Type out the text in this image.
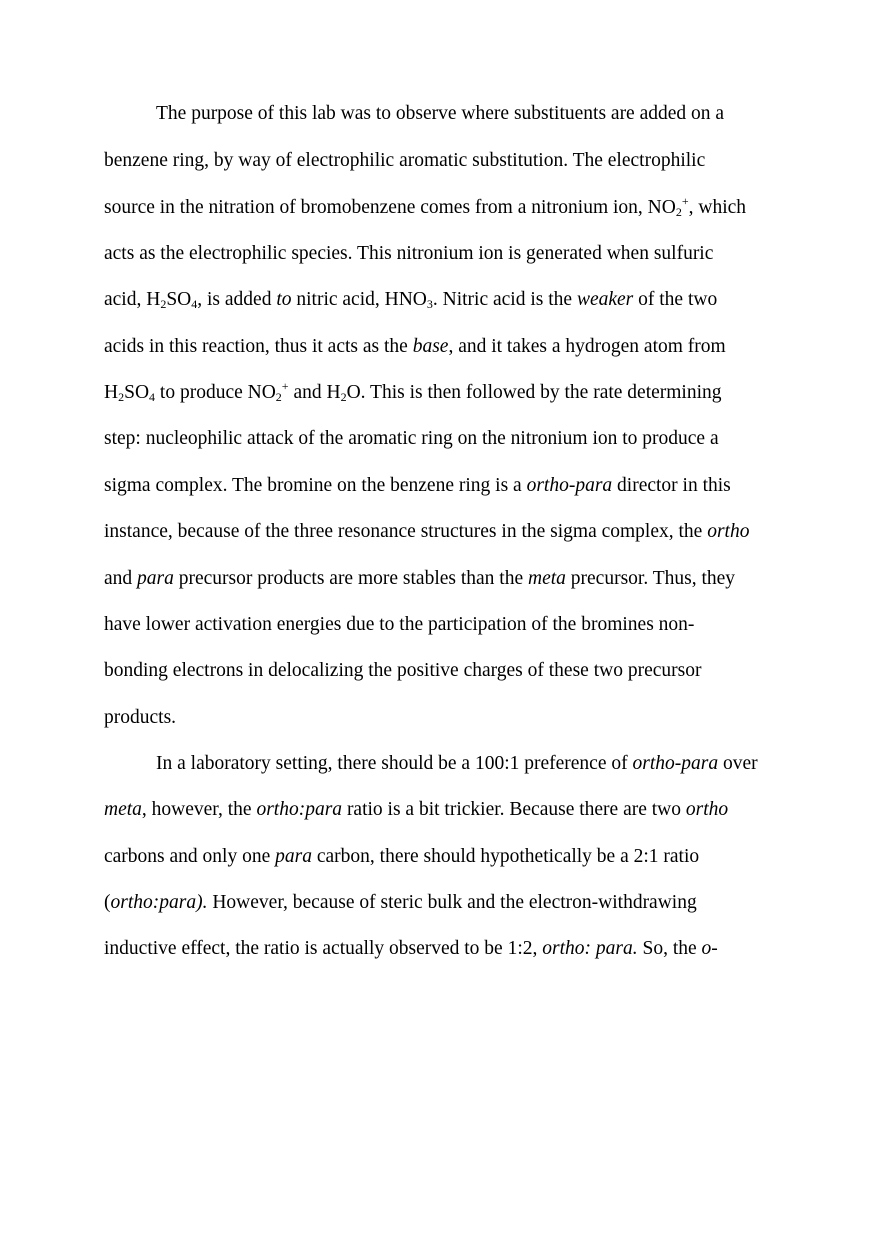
The purpose of this lab was to observe where substituents are added on a
benzene ring, by way of electrophilic aromatic substitution. The electrophilic
source in the nitration of bromobenzene comes from a nitronium ion, $NO_2^+$, which
acts as the electrophilic species. This nitronium ion is generated when sulfuric
acid, $H_2SO_4$, is added to nitric acid, $HNO_3$. Nitric acid is the weaker of the two
acids in this reaction, thus it acts as the base, and it takes a hydrogen atom from
$H_2SO_4$ to produce $NO_2^+$ and $H_2O$. This is then followed by the rate determining
step: nucleophilic attack of the aromatic ring on the nitronium ion to produce a
sigma complex. The bromine on the benzene ring is a ortho-para director in this
instance, because of the three resonance structures in the sigma complex, the ortho
and para precursor products are more stables than the meta precursor. Thus, they
have lower activation energies due to the participation of the bromines non-
bonding electrons in delocalizing the positive charges of these two precursor
products.
In a laboratory setting, there should be a 100:1 preference of ortho-para over
meta, however, the ortho:para ratio is a bit trickier. Because there are two ortho
carbons and only one para carbon, there should hypothetically be a 2:1 ratio
(ortho:para). However, because of steric bulk and the electron-withdrawing
inductive effect, the ratio is actually observed to be 1:2, ortho: para. So, the o-
